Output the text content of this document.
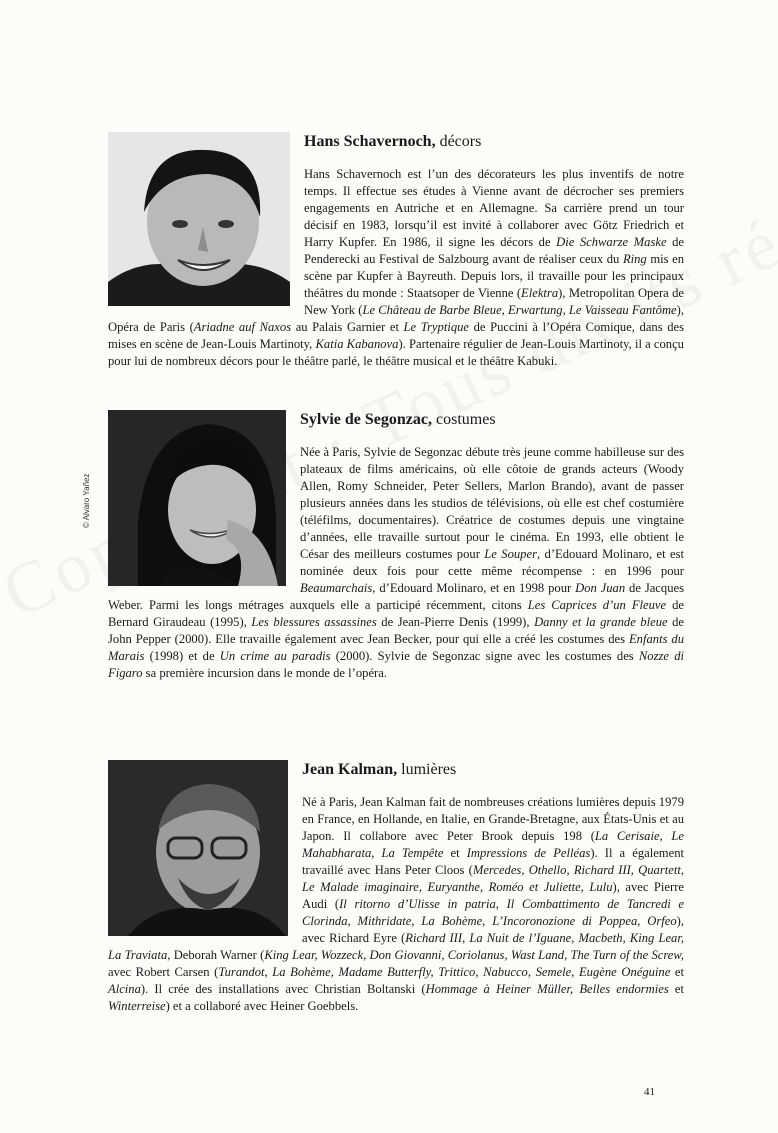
Hans Schavernoch, décors

Hans Schavernoch est l’un des décorateurs les plus inventifs de notre temps. Il effectue ses études à Vienne avant de décrocher ses premiers engagements en Autriche et en Allemagne. Sa carrière prend un tour décisif en 1983, lorsqu’il est invité à collaborer avec Götz Friedrich et Harry Kupfer. En 1986, il signe les décors de Die Schwarze Maske de Penderecki au Festival de Salzbourg avant de réaliser ceux du Ring mis en scène par Kupfer à Bayreuth. Depuis lors, il travaille pour les principaux théâtres du monde : Staatsoper de Vienne (Elektra), Metropolitan Opera de New York (Le Château de Barbe Bleue, Erwartung, Le Vaisseau Fantôme), Opéra de Paris (Ariadne auf Naxos au Palais Garnier et Le Tryptique de Puccini à l’Opéra Comique, dans des mises en scène de Jean-Louis Martinoty, Katia Kabanova). Partenaire régulier de Jean-Louis Martinoty, il a conçu pour lui de nombreux décors pour le théâtre parlé, le théâtre musical et le théâtre Kabuki.

© Alvaro Yañez
Sylvie de Segonzac, costumes

Née à Paris, Sylvie de Segonzac débute très jeune comme habilleuse sur des plateaux de films américains, où elle côtoie de grands acteurs (Woody Allen, Romy Schneider, Peter Sellers, Marlon Brando), avant de passer plusieurs années dans les studios de télévisions, où elle est chef costumière (téléfilms, documentaires). Créatrice de costumes depuis une vingtaine d’années, elle travaille surtout pour le cinéma. En 1993, elle obtient le César des meilleurs costumes pour Le Souper, d’Edouard Molinaro, et est nominée deux fois pour cette même récompense : en 1996 pour Beaumarchais, d’Edouard Molinaro, et en 1998 pour Don Juan de Jacques Weber. Parmi les longs métrages auxquels elle a participé récemment, citons Les Caprices d’un Fleuve de Bernard Giraudeau (1995), Les blessures assassines de Jean-Pierre Denis (1999), Danny et la grande bleue de John Pepper (2000). Elle travaille également avec Jean Becker, pour qui elle a créé les costumes des Enfants du Marais (1998) et de Un crime au paradis (2000). Sylvie de Segonzac signe avec les costumes des Nozze di Figaro sa première incursion dans le monde de l’opéra.

Jean Kalman, lumières

Né à Paris, Jean Kalman fait de nombreuses créations lumières depuis 1979 en France, en Hollande, en Italie, en Grande-Bretagne, aux États-Unis et au Japon. Il collabore avec Peter Brook depuis 198 (La Cerisaie, Le Mahabharata, La Tempête et Impressions de Pelléas). Il a également travaillé avec Hans Peter Cloos (Mercedes, Othello, Richard III, Quartett, Le Malade imaginaire, Euryanthe, Roméo et Juliette, Lulu), avec Pierre Audi (Il ritorno d’Ulisse in patria, Il Combattimento de Tancredi e Clorinda, Mithridate, La Bohème, L’Incoronozione di Poppea, Orfeo), avec Richard Eyre (Richard III, La Nuit de l’Iguane, Macbeth, King Lear, La Traviata, Deborah Warner (King Lear, Wozzeck, Don Giovanni, Coriolanus, Wast Land, The Turn of the Screw, avec Robert Carsen (Turandot, La Bohème, Madame Butterfly, Trittico, Nabucco, Semele, Eugène Onéguine et Alcina). Il crée des installations avec Christian Boltanski (Hommage à Heiner Müller, Belles endormies et Winterreise) et a collaboré avec Heiner Goebbels.

41
